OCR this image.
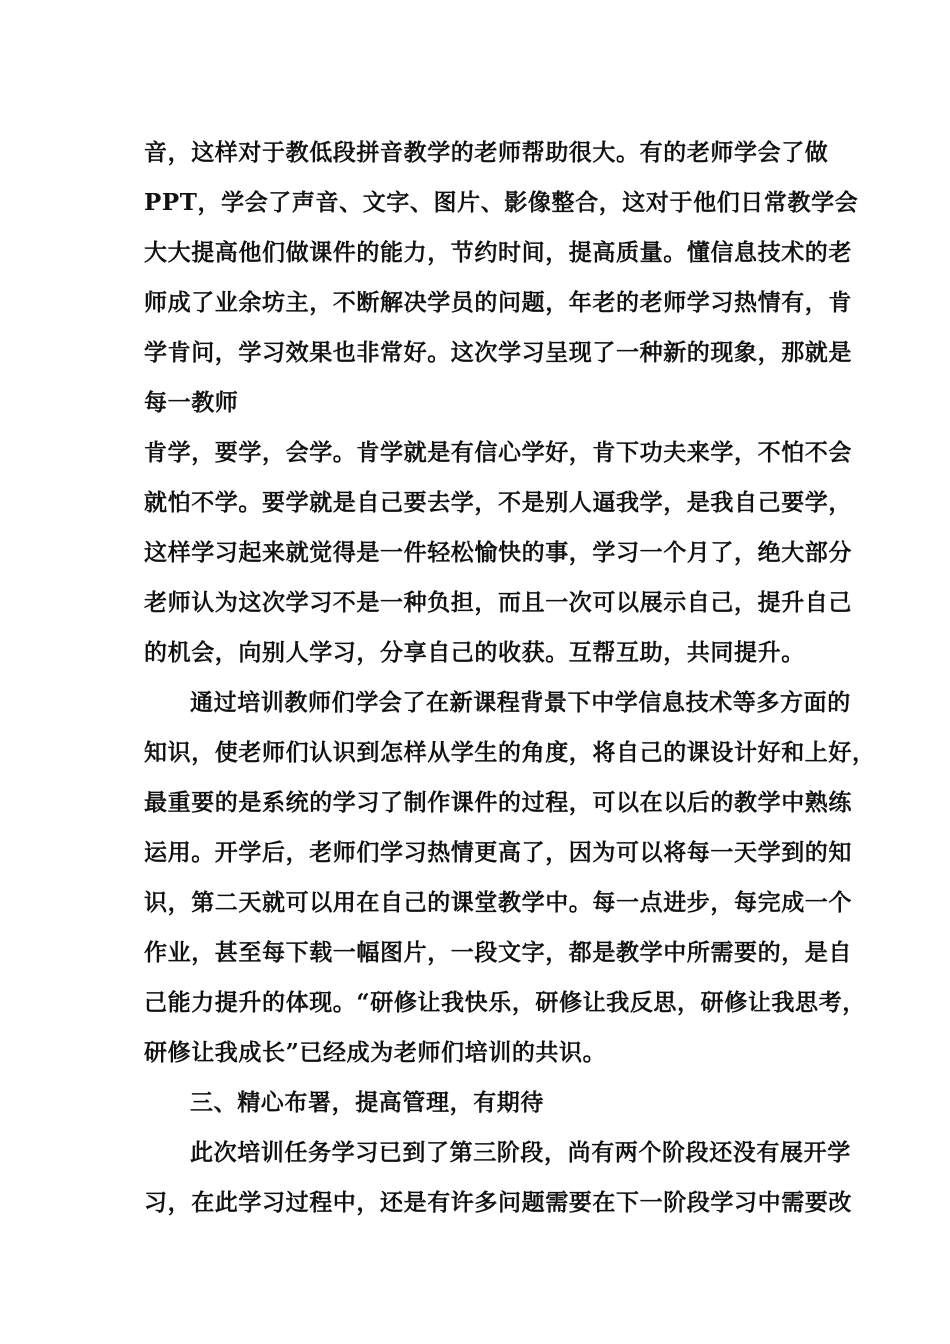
音，这样对于教低段拼音教学的老师帮助很大。有的老师学会了做
PPT，学会了声音、文字、图片、影像整合，这对于他们日常教学会
大大提高他们做课件的能力，节约时间，提高质量。懂信息技术的老
师成了业余坊主，不断解决学员的问题，年老的老师学习热情有，肯
学肯问，学习效果也非常好。这次学习呈现了一种新的现象，那就是
每一教师
肯学，要学，会学。肯学就是有信心学好，肯下功夫来学，不怕不会
就怕不学。要学就是自己要去学，不是别人逼我学，是我自己要学，
这样学习起来就觉得是一件轻松愉快的事，学习一个月了，绝大部分
老师认为这次学习不是一种负担，而且一次可以展示自己，提升自己
的机会，向别人学习，分享自己的收获。互帮互助，共同提升。
通过培训教师们学会了在新课程背景下中学信息技术等多方面的
知识，使老师们认识到怎样从学生的角度，将自己的课设计好和上好，
最重要的是系统的学习了制作课件的过程，可以在以后的教学中熟练
运用。开学后，老师们学习热情更高了，因为可以将每一天学到的知
识，第二天就可以用在自己的课堂教学中。每一点进步，每完成一个
作业，甚至每下载一幅图片，一段文字，都是教学中所需要的，是自
己能力提升的体现。“研修让我快乐，研修让我反思，研修让我思考，
研修让我成长”已经成为老师们培训的共识。
三、精心布署，提高管理，有期待
此次培训任务学习已到了第三阶段，尚有两个阶段还没有展开学
习，在此学习过程中，还是有许多问题需要在下一阶段学习中需要改
